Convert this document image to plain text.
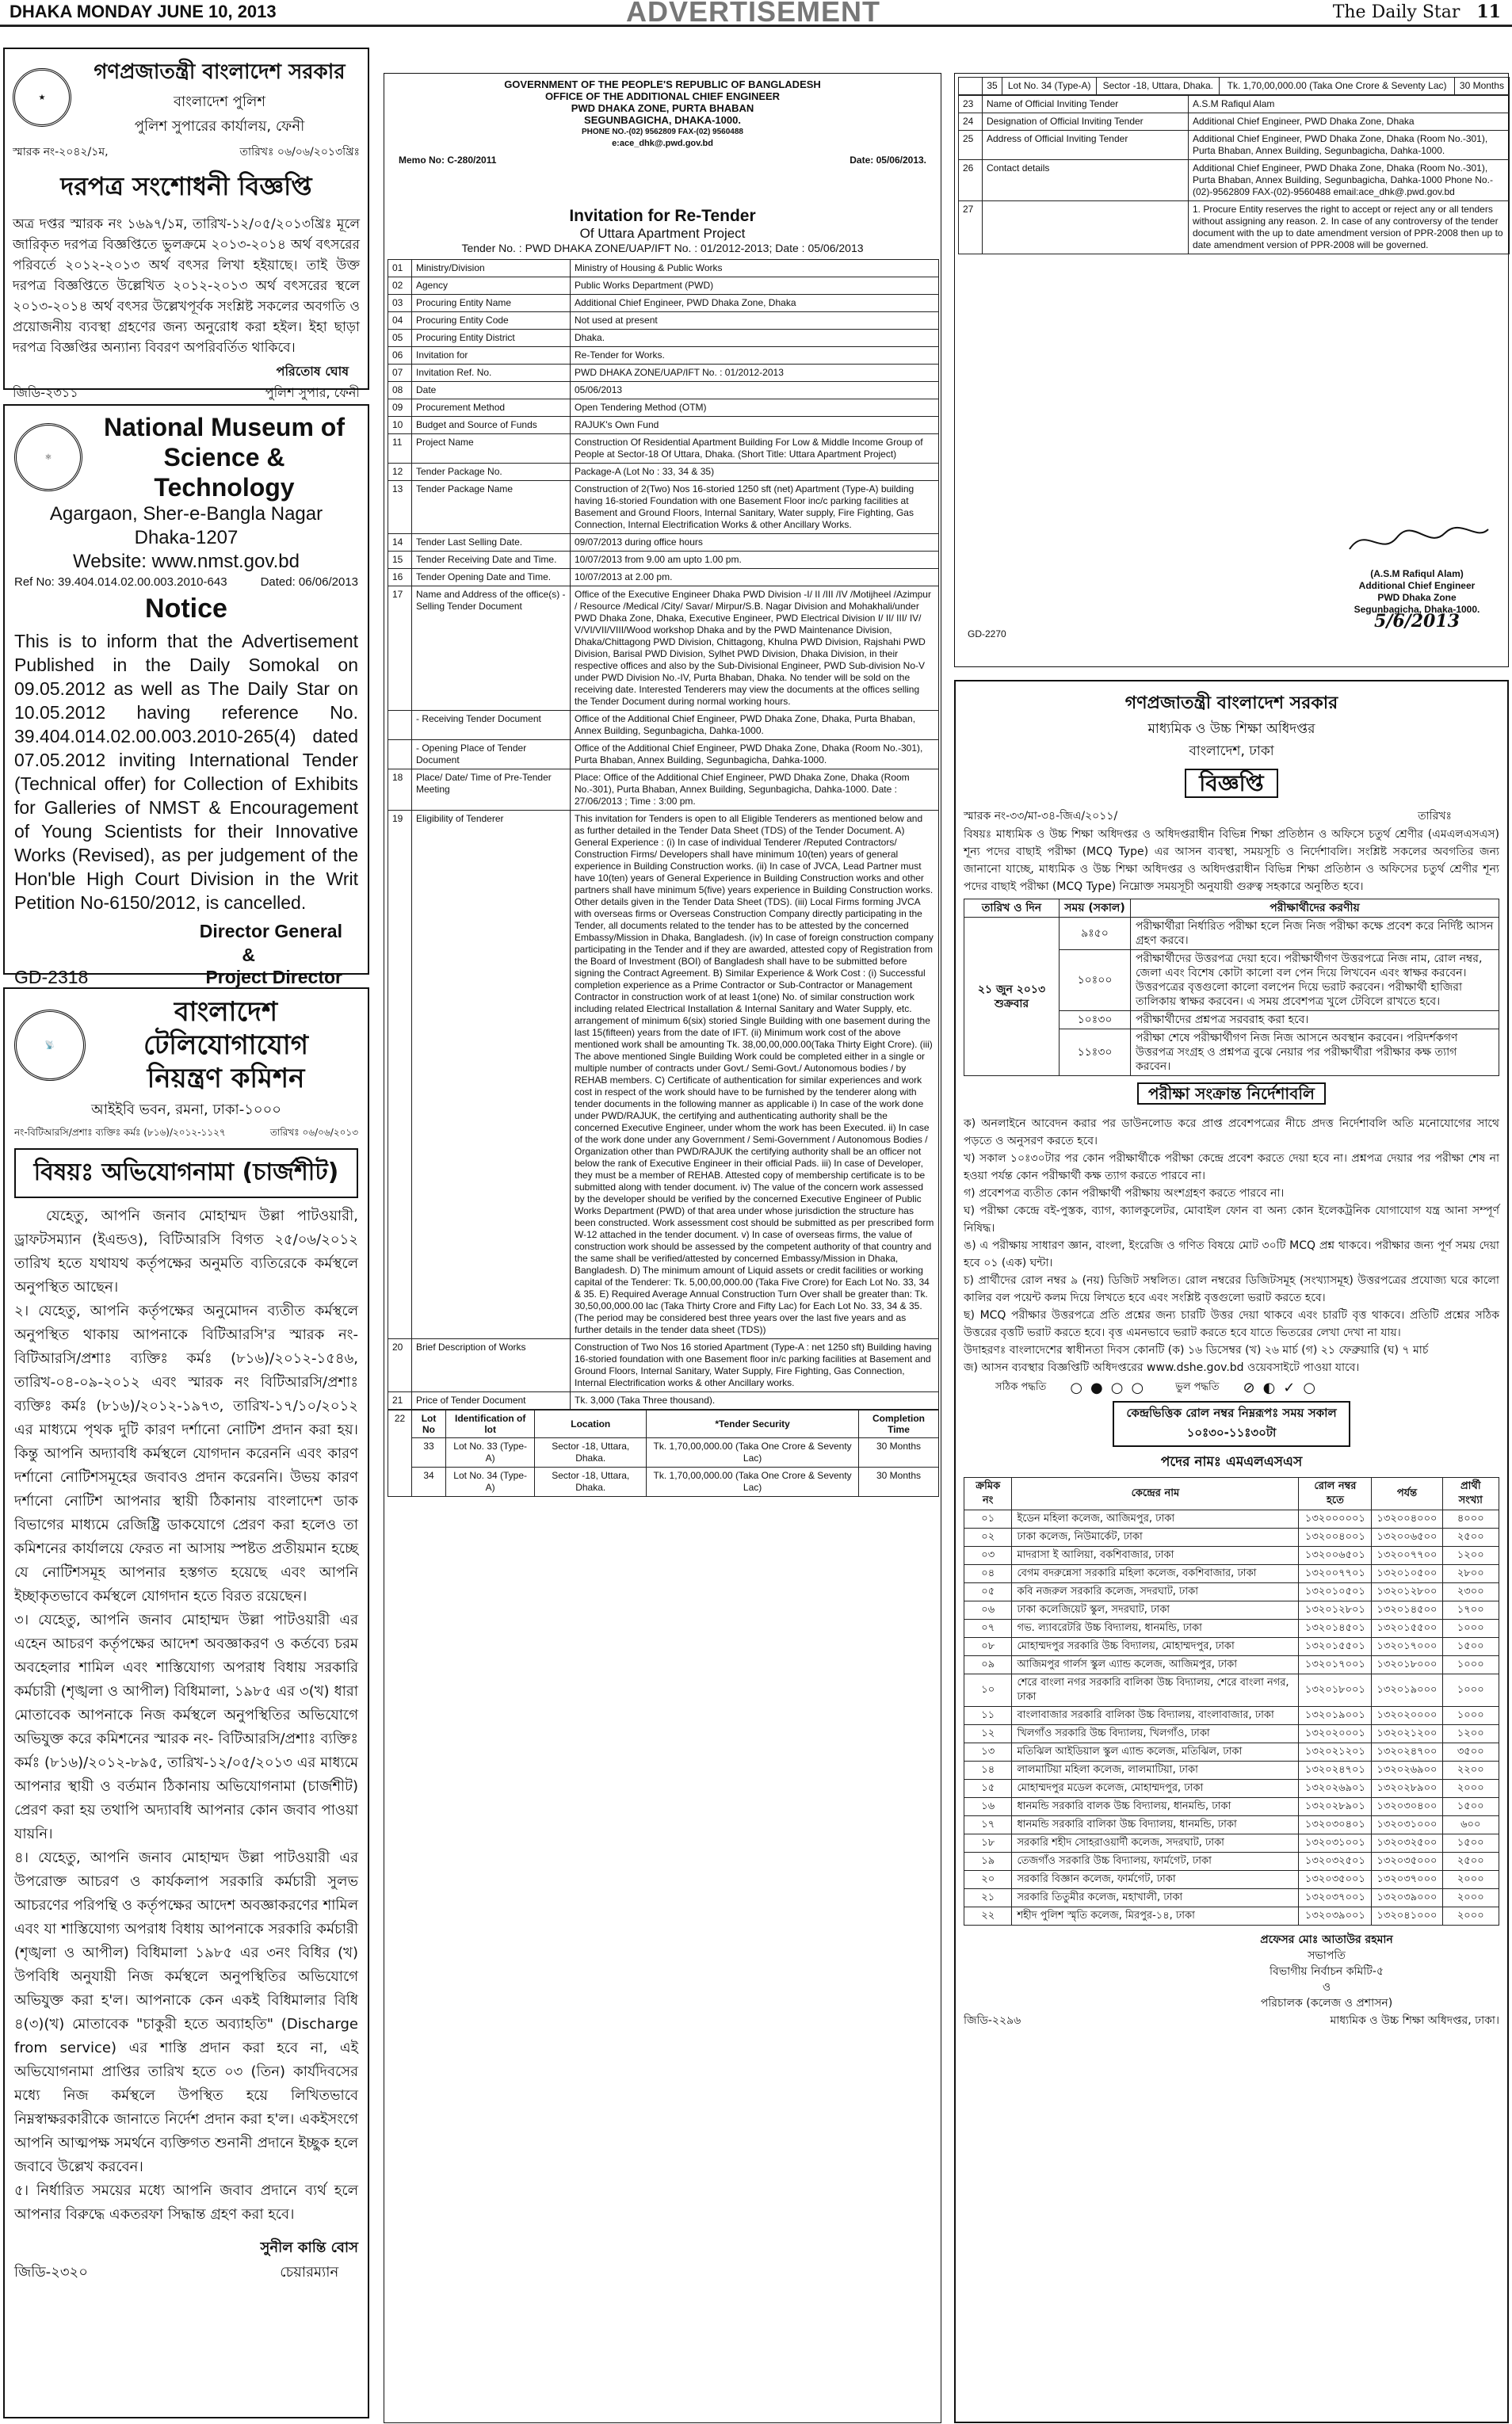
DHAKA MONDAY JUNE 10, 2013	ADVERTISEMENT	The Daily Star 11
★
গণপ্রজাতন্ত্রী বাংলাদেশ সরকার
বাংলাদেশ পুলিশ
পুলিশ সুপারের কার্যালয়, ফেনী
স্মারক নং-২০৪২/১ম,	তারিখঃ ০৬/০৬/২০১৩খ্রিঃ
দরপত্র সংশোধনী বিজ্ঞপ্তি
অত্র দপ্তর স্মারক নং ১৬৯৭/১ম, তারিখ-১২/০৫/২০১৩খ্রিঃ মূলে জারিকৃত দরপত্র বিজ্ঞপ্তিতে ভুলক্রমে ২০১৩-২০১৪ অর্থ বৎসরের পরিবর্তে ২০১২-২০১৩ অর্থ বৎসর লিখা হইয়াছে। তাই উক্ত দরপত্র বিজ্ঞপ্তিতে উল্লেখিত ২০১২-২০১৩ অর্থ বৎসরের স্থলে ২০১৩-২০১৪ অর্থ বৎসর উল্লেখপূর্বক সংশ্লিষ্ট সকলের অবগতি ও প্রয়োজনীয় ব্যবস্থা গ্রহণের জন্য অনুরোধ করা হইল। ইহা ছাড়া দরপত্র বিজ্ঞপ্তির অন্যান্য বিবরণ অপরিবর্তিত থাকিবে।
জিডি-২৩১১
পরিতোষ ঘোষ
পুলিশ সুপার, ফেনী
⚛
National Museum of
Science & Technology
Agargaon, Sher-e-Bangla Nagar
Dhaka-1207
Website: www.nmst.gov.bd
Ref No: 39.404.014.02.00.003.2010-643	Dated: 06/06/2013
Notice
This is to inform that the Advertisement Published in the Daily Somokal on 09.05.2012 as well as The Daily Star on 10.05.2012 having reference No. 39.404.014.02.00.003.2010-265(4) dated 07.05.2012 inviting International Tender (Technical offer) for Collection of Exhibits for Galleries of NMST & Encouragement of Young Scientists for their Innovative Works (Revised), as per judgement of the Hon'ble High Court Division in the Writ Petition No-6150/2012, is cancelled.
Director General
&
GD-2318	Project Director
📡
বাংলাদেশ টেলিযোগাযোগ
নিয়ন্ত্রণ কমিশন
আইইবি ভবন, রমনা, ঢাকা-১০০০
নং-বিটিআরসি/প্রশাঃ ব্যক্তিঃ কর্মঃ (৮১৬)/২০১২-১১২৭	তারিখঃ ০৬/০৬/২০১৩
বিষয়ঃ অভিযোগনামা (চার্জশীট)

যেহেতু, আপনি জনাব মোহাম্মদ উল্লা পাটওয়ারী, ড্রাফটসম্যান (ইএন্ডও), বিটিআরসি বিগত ২৫/০৬/২০১২ তারিখ হতে যথাযথ কর্তৃপক্ষের অনুমতি ব্যতিরেকে কর্মস্থলে অনুপস্থিত আছেন।

২। যেহেতু, আপনি কর্তৃপক্ষের অনুমোদন ব্যতীত কর্মস্থলে অনুপস্থিত থাকায় আপনাকে বিটিআরসি'র স্মারক নং- বিটিআরসি/প্রশাঃ ব্যক্তিঃ কর্মঃ (৮১৬)/২০১২-১৫৪৬, তারিখ-০৪-০৯-২০১২ এবং স্মারক নং বিটিআরসি/প্রশাঃ ব্যক্তিঃ কর্মঃ (৮১৬)/২০১২-১৯৭৩, তারিখ-১৭/১০/২০১২ এর মাধ্যমে পৃথক দুটি কারণ দর্শানো নোটিশ প্রদান করা হয়। কিন্তু আপনি অদ্যাবধি কর্মস্থলে যোগদান করেননি এবং কারণ দর্শানো নোটিশসমূহের জবাবও প্রদান করেননি। উভয় কারণ দর্শানো নোটিশ আপনার স্থায়ী ঠিকানায় বাংলাদেশ ডাক বিভাগের মাধ্যমে রেজিষ্ট্রি ডাকযোগে প্রেরণ করা হলেও তা কমিশনের কার্যালয়ে ফেরত না আসায় স্পষ্টত প্রতীয়মান হচ্ছে যে নোটিশসমূহ আপনার হস্তগত হয়েছে এবং আপনি ইচ্ছাকৃতভাবে কর্মস্থলে যোগদান হতে বিরত রয়েছেন।

৩। যেহেতু, আপনি জনাব মোহাম্মদ উল্লা পাটওয়ারী এর এহেন আচরণ কর্তৃপক্ষের আদেশ অবজ্ঞাকরণ ও কর্তব্যে চরম অবহেলার শামিল এবং শাস্তিযোগ্য অপরাধ বিধায় সরকারি কর্মচারী (শৃঙ্খলা ও আপীল) বিধিমালা, ১৯৮৫ এর ৩(খ) ধারা মোতাবেক আপনাকে নিজ কর্মস্থলে অনুপস্থিতির অভিযোগে অভিযুক্ত করে কমিশনের স্মারক নং- বিটিআরসি/প্রশাঃ ব্যক্তিঃ কর্মঃ (৮১৬)/২০১২-৮৯৫, তারিখ-১২/০৫/২০১৩ এর মাধ্যমে আপনার স্থায়ী ও বর্তমান ঠিকানায় অভিযোগনামা (চার্জশীট) প্রেরণ করা হয় তথাপি অদ্যাবধি আপনার কোন জবাব পাওয়া যায়নি।

৪। যেহেতু, আপনি জনাব মোহাম্মদ উল্লা পাটওয়ারী এর উপরোক্ত আচরণ ও কার্যকলাপ সরকারি কর্মচারী সুলভ আচরণের পরিপন্থি ও কর্তৃপক্ষের আদেশ অবজ্ঞাকরণের শামিল এবং যা শাস্তিযোগ্য অপরাধ বিধায় আপনাকে সরকারি কর্মচারী (শৃঙ্খলা ও আপীল) বিধিমালা ১৯৮৫ এর ৩নং বিধির (খ) উপবিধি অনুযায়ী নিজ কর্মস্থলে অনুপস্থিতির অভিযোগে অভিযুক্ত করা হ'ল। আপনাকে কেন একই বিধিমালার বিধি ৪(৩)(খ) মোতাবেক "চাকুরী হতে অব্যাহতি" (Discharge from service) এর শাস্তি প্রদান করা হবে না, এই অভিযোগনামা প্রাপ্তির তারিখ হতে ০৩ (তিন) কার্যদিবসের মধ্যে নিজ কর্মস্থলে উপস্থিত হয়ে লিখিতভাবে নিম্নস্বাক্ষরকারীকে জানাতে নির্দেশ প্রদান করা হ'ল। একইসংগে আপনি আত্মপক্ষ সমর্থনে ব্যক্তিগত শুনানী প্রদানে ইচ্ছুক হলে জবাবে উল্লেখ করবেন।

৫। নির্ধারিত সময়ের মধ্যে আপনি জবাব প্রদানে ব্যর্থ হলে আপনার বিরুদ্ধে একতরফা সিদ্ধান্ত গ্রহণ করা হবে।

জিডি-২৩২০
সুনীল কান্তি বোস
চেয়ারম্যান
GOVERNMENT OF THE PEOPLE'S REPUBLIC OF BANGLADESH
OFFICE OF THE ADDITIONAL CHIEF ENGINEER
PWD DHAKA ZONE, PURTA BHABAN
SEGUNBAGICHA, DHAKA-1000.
PHONE NO.-(02) 9562809 FAX-(02) 9560488
e:ace_dhk@.pwd.gov.bd
Memo No: C-280/2011	Date: 05/06/2013.
Invitation for Re-Tender
Of Uttara Apartment Project
Tender No. : PWD DHAKA ZONE/UAP/IFT No. : 01/2012-2013; Date : 05/06/2013
01	Ministry/Division	Ministry of Housing & Public Works
02	Agency	Public Works Department (PWD)
03	Procuring Entity Name	Additional Chief Engineer, PWD Dhaka Zone, Dhaka
04	Procuring Entity Code	Not used at present
05	Procuring Entity District	Dhaka.
06	Invitation for	Re-Tender for Works.
07	Invitation Ref. No.	PWD DHAKA ZONE/UAP/IFT No. : 01/2012-2013
08	Date	05/06/2013
09	Procurement Method	Open Tendering Method (OTM)
10	Budget and Source of Funds	RAJUK's Own Fund
11	Project Name	Construction Of Residential Apartment Building For Low & Middle Income Group of People at Sector-18 Of Uttara, Dhaka. (Short Title: Uttara Apartment Project)
12	Tender Package No.	Package-A (Lot No : 33, 34 & 35)
13	Tender Package Name	Construction of 2(Two) Nos 16-storied 1250 sft (net) Apartment (Type-A) building having 16-storied Foundation with one Basement Floor inc/c parking facilities at Basement and Ground Floors, Internal Sanitary, Water supply, Fire Fighting, Gas Connection, Internal Electrification Works & other Ancillary Works.
14	Tender Last Selling Date.	09/07/2013 during office hours
15	Tender Receiving Date and Time.	10/07/2013 from 9.00 am upto 1.00 pm.
16	Tender Opening Date and Time.	10/07/2013 at 2.00 pm.
17	Name and Address of the office(s) - Selling Tender Document	Office of the Executive Engineer Dhaka PWD Division -I/ II /III /IV /Motijheel /Azimpur / Resource /Medical /City/ Savar/ Mirpur/S.B. Nagar Division and Mohakhali/under PWD Dhaka Zone, Dhaka, Executive Engineer, PWD Electrical Division I/ II/ III/ IV/ V/VI/VII/VIII/Wood workshop Dhaka and by the PWD Maintenance Division, Dhaka/Chittagong PWD Division, Chittagong, Khulna PWD Division, Rajshahi PWD Division, Barisal PWD Division, Sylhet PWD Division, Dhaka Division, in their respective offices and also by the Sub-Divisional Engineer, PWD Sub-division No-V under PWD Division No.-IV, Purta Bhaban, Dhaka. No tender will be sold on the receiving date. Interested Tenderers may view the documents at the offices selling the Tender Document during normal working hours.
	- Receiving Tender Document	Office of the Additional Chief Engineer, PWD Dhaka Zone, Dhaka, Purta Bhaban, Annex Building, Segunbagicha, Dahka-1000.
	- Opening Place of Tender Document	Office of the Additional Chief Engineer, PWD Dhaka Zone, Dhaka (Room No.-301), Purta Bhaban, Annex Building, Segunbagicha, Dahka-1000.
18	Place/ Date/ Time of Pre-Tender Meeting	Place: Office of the Additional Chief Engineer, PWD Dhaka Zone, Dhaka (Room No.-301), Purta Bhaban, Annex Building, Segunbagicha, Dahka-1000. Date : 27/06/2013 ; Time : 3:00 pm.
19	Eligibility of Tenderer	This invitation for Tenders is open to all Eligible Tenderers as mentioned below and as further detailed in the Tender Data Sheet (TDS) of the Tender Document. A) General Experience : (i) In case of individual Tenderer /Reputed Contractors/ Construction Firms/ Developers shall have minimum 10(ten) years of general experience in Building Construction works. (ii) In case of JVCA, Lead Partner must have 10(ten) years of General Experience in Building Construction works and other partners shall have minimum 5(five) years experience in Building Construction works. Other details given in the Tender Data Sheet (TDS). (iii) Local Firms forming JVCA with overseas firms or Overseas Construction Company directly participating in the Tender, all documents related to the tender has to be attested by the concerned Embassy/Mission in Dhaka, Bangladesh. (iv) In case of foreign construction company participating in the Tender and if they are awarded, attested copy of Registration from the Board of Investment (BOI) of Bangladesh shall have to be submitted before signing the Contract Agreement. B) Similar Experience & Work Cost : (i) Successful completion experience as a Prime Contractor or Sub-Contractor or Management Contractor in construction work of at least 1(one) No. of similar construction work including related Electrical Installation & Internal Sanitary and Water Supply, etc. arrangement of minimum 6(six) storied Single Building with one basement during the last 15(fifteen) years from the date of IFT. (ii) Minimum work cost of the above mentioned work shall be amounting Tk. 38,00,00,000.00(Taka Thirty Eight Crore). (iii) The above mentioned Single Building Work could be completed either in a single or multiple number of contracts under Govt./ Semi-Govt./ Autonomous bodies / by REHAB members. C) Certificate of authentication for similar experiences and work cost in respect of the work should have to be furnished by the tenderer along with tender documents in the following manner as applicable i) In case of the work done under PWD/RAJUK, the certifying and authenticating authority shall be the concerned Executive Engineer, under whom the work has been Executed. ii) In case of the work done under any Government / Semi-Government / Autonomous Bodies / Organization other than PWD/RAJUK the certifying authority shall be an officer not below the rank of Executive Engineer in their official Pads. iii) In case of Developer, they must be a member of REHAB. Attested copy of membership certificate is to be submitted along with tender document. iv) The value of the concern work assessed by the developer should be verified by the concerned Executive Engineer of Public Works Department (PWD) of that area under whose jurisdiction the structure has been constructed. Work assessment cost should be submitted as per prescribed form W-12 attached in the tender document. v) In case of overseas firms, the value of construction work should be assessed by the competent authority of that country and the same shall be verified/attested by concerned Embassy/Mission in Dhaka, Bangladesh. D) The minimum amount of Liquid assets or credit facilities or working capital of the Tenderer: Tk. 5,00,00,000.00 (Taka Five Crore) for Each Lot No. 33, 34 & 35. E) Required Average Annual Construction Turn Over shall be greater than: Tk. 30,50,00,000.00 lac (Taka Thirty Crore and Fifty Lac) for Each Lot No. 33, 34 & 35. (The period may be considered best three years over the last five years and as further details in the tender data sheet (TDS))
20	Brief Description of Works	Construction of Two Nos 16 storied Apartment (Type-A : net 1250 sft) Building having 16-storied foundation with one Basement floor in/c parking facilities at Basement and Ground Floors, Internal Sanitary, Water Supply, Fire Fighting, Gas Connection, Internal Electrification works & other Ancillary works.
21	Price of Tender Document	Tk. 3,000 (Taka Three thousand).
22	Lot No	Identification of lot	Location	*Tender Security	Completion Time
	33	Lot No. 33 (Type-A)	Sector -18, Uttara, Dhaka.	Tk. 1,70,00,000.00 (Taka One Crore & Seventy Lac)	30 Months
	34	Lot No. 34 (Type-A)	Sector -18, Uttara, Dhaka.	Tk. 1,70,00,000.00 (Taka One Crore & Seventy Lac)	30 Months
	35	Lot No. 34 (Type-A)	Sector -18, Uttara, Dhaka.	Tk. 1,70,00,000.00 (Taka One Crore & Seventy Lac)	30 Months
23	Name of Official Inviting Tender	A.S.M Rafiqul Alam
24	Designation of Official Inviting Tender	Additional Chief Engineer, PWD Dhaka Zone, Dhaka
25	Address of Official Inviting Tender	Additional Chief Engineer, PWD Dhaka Zone, Dhaka (Room No.-301), Purta Bhaban, Annex Building, Segunbagicha, Dahka-1000.
26	Contact details	Additional Chief Engineer, PWD Dhaka Zone, Dhaka (Room No.-301), Purta Bhaban, Annex Building, Segunbagicha, Dahka-1000 Phone No.-(02)-9562809 FAX-(02)-9560488 email:ace_dhk@.pwd.gov.bd
27		1. Procure Entity reserves the right to accept or reject any or all tenders without assigning any reason. 2. In case of any controversy of the tender document with the up to date amendment version of PPR-2008 then up to date amendment version of PPR-2008 will be governed.
(A.S.M Rafiqul Alam)
Additional Chief Engineer
PWD Dhaka Zone
Segunbagicha, Dhaka-1000.
5/6/2013
GD-2270
গণপ্রজাতন্ত্রী বাংলাদেশ সরকার
মাধ্যমিক ও উচ্চ শিক্ষা অধিদপ্তর
বাংলাদেশ, ঢাকা
বিজ্ঞপ্তি
স্মারক নং-৩৩/মা-৩৪-জিএ/২০১১/	তারিখঃ
বিষয়ঃ মাধ্যমিক ও উচ্চ শিক্ষা অধিদপ্তর ও অধিদপ্তরাধীন বিভিন্ন শিক্ষা প্রতিষ্ঠান ও অফিসে চতুর্থ শ্রেণীর (এমএলএসএস) শূন্য পদের বাছাই পরীক্ষা (MCQ Type) এর আসন ব্যবস্থা, সময়সূচি ও নির্দেশাবলি। সংশ্লিষ্ট সকলের অবগতির জন্য জানানো যাচ্ছে, মাধ্যমিক ও উচ্চ শিক্ষা অধিদপ্তর ও অধিদপ্তরাধীন বিভিন্ন শিক্ষা প্রতিষ্ঠান ও অফিসের চতুর্থ শ্রেণীর শূন্য পদের বাছাই পরীক্ষা (MCQ Type) নিম্নোক্ত সময়সূচী অনুযায়ী গুরুত্ব সহকারে অনুষ্ঠিত হবে।
তারিখ ও দিন	সময় (সকাল)	পরীক্ষার্থীদের করণীয়
২১ জুন ২০১৩ শুক্রবার	৯ঃ৫০	পরীক্ষার্থীরা নির্ধারিত পরীক্ষা হলে নিজ নিজ পরীক্ষা কক্ষে প্রবেশ করে নির্দিষ্ট আসন গ্রহণ করবে।
	১০ঃ০০	পরীক্ষার্থীদের উত্তরপত্র দেয়া হবে। পরীক্ষার্থীগণ উত্তরপত্রে নিজ নাম, রোল নম্বর, জেলা এবং বিশেষ কোটা কালো বল পেন দিয়ে লিখবেন এবং স্বাক্ষর করবেন। উত্তরপত্রের বৃত্তগুলো কালো বলপেন দিয়ে ভরাট করবেন। পরীক্ষার্থী হাজিরা তালিকায় স্বাক্ষর করবেন। এ সময় প্রবেশপত্র খুলে টেবিলে রাখতে হবে।
	১০ঃ৩০	পরীক্ষার্থীদের প্রশ্নপত্র সরবরাহ করা হবে।
	১১ঃ৩০	পরীক্ষা শেষে পরীক্ষার্থীগণ নিজ নিজ আসনে অবস্থান করবেন। পরিদর্শকগণ উত্তরপত্র সংগ্রহ ও প্রশ্নপত্র বুঝে নেয়ার পর পরীক্ষার্থীরা পরীক্ষার কক্ষ ত্যাগ করবেন।
পরীক্ষা সংক্রান্ত নির্দেশাবলি
ক) অনলাইনে আবেদন করার পর ডাউনলোড করে প্রাপ্ত প্রবেশপত্রের নীচে প্রদত্ত নির্দেশাবলি অতি মনোযোগের সাথে পড়তে ও অনুসরণ করতে হবে।
খ) সকাল ১০ঃ৩০টার পর কোন পরীক্ষার্থীকে পরীক্ষা কেন্দ্রে প্রবেশ করতে দেয়া হবে না। প্রশ্নপত্র দেয়ার পর পরীক্ষা শেষ না হওয়া পর্যন্ত কোন পরীক্ষার্থী কক্ষ ত্যাগ করতে পারবে না।
গ) প্রবেশপত্র ব্যতীত কোন পরীক্ষার্থী পরীক্ষায় অংশগ্রহণ করতে পারবে না।
ঘ) পরীক্ষা কেন্দ্রে বই-পুস্তক, ব্যাগ, ক্যালকুলেটর, মোবাইল ফোন বা অন্য কোন ইলেকট্রনিক যোগাযোগ যন্ত্র আনা সম্পূর্ণ নিষিদ্ধ।
ঙ) এ পরীক্ষায় সাধারণ জ্ঞান, বাংলা, ইংরেজি ও গণিত বিষয়ে মোট ৩০টি MCQ প্রশ্ন থাকবে। পরীক্ষার জন্য পূর্ণ সময় দেয়া হবে ০১ (এক) ঘন্টা।
চ) প্রার্থীদের রোল নম্বর ৯ (নয়) ডিজিট সম্বলিত। রোল নম্বরের ডিজিটসমূহ (সংখ্যাসমূহ) উত্তরপত্রের প্রযোজ্য ঘরে কালো কালির বল পয়েন্ট কলম দিয়ে লিখতে হবে এবং সংশ্লিষ্ট বৃত্তগুলো ভরাট করতে হবে।
ছ) MCQ পরীক্ষার উত্তরপত্রে প্রতি প্রশ্নের জন্য চারটি উত্তর দেয়া থাকবে এবং চারটি বৃত্ত থাকবে। প্রতিটি প্রশ্নের সঠিক উত্তরের বৃত্তটি ভরাট করতে হবে। বৃত্ত এমনভাবে ভরাট করতে হবে যাতে ভিতরের লেখা দেখা না যায়।
উদাহরণঃ বাংলাদেশের স্বাধীনতা দিবস কোনটি (ক) ১৬ ডিসেম্বর (খ) ২৬ মার্চ (গ) ২১ ফেব্রুয়ারি (ঘ) ৭ মার্চ
জ) আসন ব্যবস্থার বিজ্ঞপ্তিটি অধিদপ্তরের www.dshe.gov.bd ওয়েবসাইটে পাওয়া যাবে।
সঠিক পদ্ধতি ○●○○ ভুল পদ্ধতি ⊘◐✓○
কেন্দ্রভিত্তিক রোল নম্বর নিম্নরূপঃ সময় সকাল ১০ঃ৩০-১১ঃ৩০টা
পদের নামঃ এমএলএসএস
ক্রমিক নং	কেন্দ্রের নাম	রোল নম্বর হতে	পর্যন্ত	প্রার্থী সংখ্যা
০১	ইডেন মহিলা কলেজ, আজিমপুর, ঢাকা	১৩২০০০০০১	১৩২০০৪০০০	৪০০০
০২	ঢাকা কলেজ, নিউমার্কেট, ঢাকা	১৩২০০৪০০১	১৩২০০৬৫০০	২৫০০
০৩	মাদরাসা ই আলিয়া, বকশিবাজার, ঢাকা	১৩২০০৬৫০১	১৩২০০৭৭০০	১২০০
০৪	বেগম বদরুন্নেসা সরকারি মহিলা কলেজ, বকশিবাজার, ঢাকা	১৩২০০৭৭০১	১৩২০১০৫০০	২৮০০
০৫	কবি নজরুল সরকারি কলেজ, সদরঘাট, ঢাকা	১৩২০১০৫০১	১৩২০১২৮০০	২৩০০
০৬	ঢাকা কলেজিয়েট স্কুল, সদরঘাট, ঢাকা	১৩২০১২৮০১	১৩২০১৪৫০০	১৭০০
০৭	গভ. ল্যাবরেটরি উচ্চ বিদ্যালয়, ধানমন্ডি, ঢাকা	১৩২০১৪৫০১	১৩২০১৫৫০০	১০০০
০৮	মোহাম্মদপুর সরকারি উচ্চ বিদ্যালয়, মোহাম্মদপুর, ঢাকা	১৩২০১৫৫০১	১৩২০১৭০০০	১৫০০
০৯	আজিমপুর গার্লস স্কুল এ্যান্ড কলেজ, আজিমপুর, ঢাকা	১৩২০১৭০০১	১৩২০১৮০০০	১০০০
১০	শেরে বাংলা নগর সরকারি বালিকা উচ্চ বিদ্যালয়, শেরে বাংলা নগর, ঢাকা	১৩২০১৮০০১	১৩২০১৯০০০	১০০০
১১	বাংলাবাজার সরকারি বালিকা উচ্চ বিদ্যালয়, বাংলাবাজার, ঢাকা	১৩২০১৯০০১	১৩২০২০০০০	১০০০
১২	খিলগাঁও সরকারি উচ্চ বিদ্যালয়, খিলগাঁও, ঢাকা	১৩২০২০০০১	১৩২০২১২০০	১২০০
১৩	মতিঝিল আইডিয়াল স্কুল এ্যান্ড কলেজ, মতিঝিল, ঢাকা	১৩২০২১২০১	১৩২০২৪৭০০	৩৫০০
১৪	লালমাটিয়া মহিলা কলেজ, লালমাটিয়া, ঢাকা	১৩২০২৪৭০১	১৩২০২৬৯০০	২২০০
১৫	মোহাম্মদপুর মডেল কলেজ, মোহাম্মদপুর, ঢাকা	১৩২০২৬৯০১	১৩২০২৮৯০০	২০০০
১৬	ধানমন্ডি সরকারি বালক উচ্চ বিদ্যালয়, ধানমন্ডি, ঢাকা	১৩২০২৮৯০১	১৩২০৩০৪০০	১৫০০
১৭	ধানমন্ডি সরকারি বালিকা উচ্চ বিদ্যালয়, ধানমন্ডি, ঢাকা	১৩২০৩০৪০১	১৩২০৩১০০০	৬০০
১৮	সরকারি শহীদ সোহরাওয়ার্দী কলেজ, সদরঘাট, ঢাকা	১৩২০৩১০০১	১৩২০৩২৫০০	১৫০০
১৯	তেজগাঁও সরকারি উচ্চ বিদ্যালয়, ফার্মগেট, ঢাকা	১৩২০৩২৫০১	১৩২০৩৫০০০	২৫০০
২০	সরকারি বিজ্ঞান কলেজ, ফার্মগেট, ঢাকা	১৩২০৩৫০০১	১৩২০৩৭০০০	২০০০
২১	সরকারি তিতুমীর কলেজ, মহাখালী, ঢাকা	১৩২০৩৭০০১	১৩২০৩৯০০০	২০০০
২২	শহীদ পুলিশ স্মৃতি কলেজ, মিরপুর-১৪, ঢাকা	১৩২০৩৯০০১	১৩২০৪১০০০	২০০০
প্রফেসর মোঃ আতাউর রহমান
সভাপতি
বিভাগীয় নির্বাচন কমিটি-৫
ও
পরিচালক (কলেজ ও প্রশাসন)
জিডি-২২৯৬	মাধ্যমিক ও উচ্চ শিক্ষা অধিদপ্তর, ঢাকা।
